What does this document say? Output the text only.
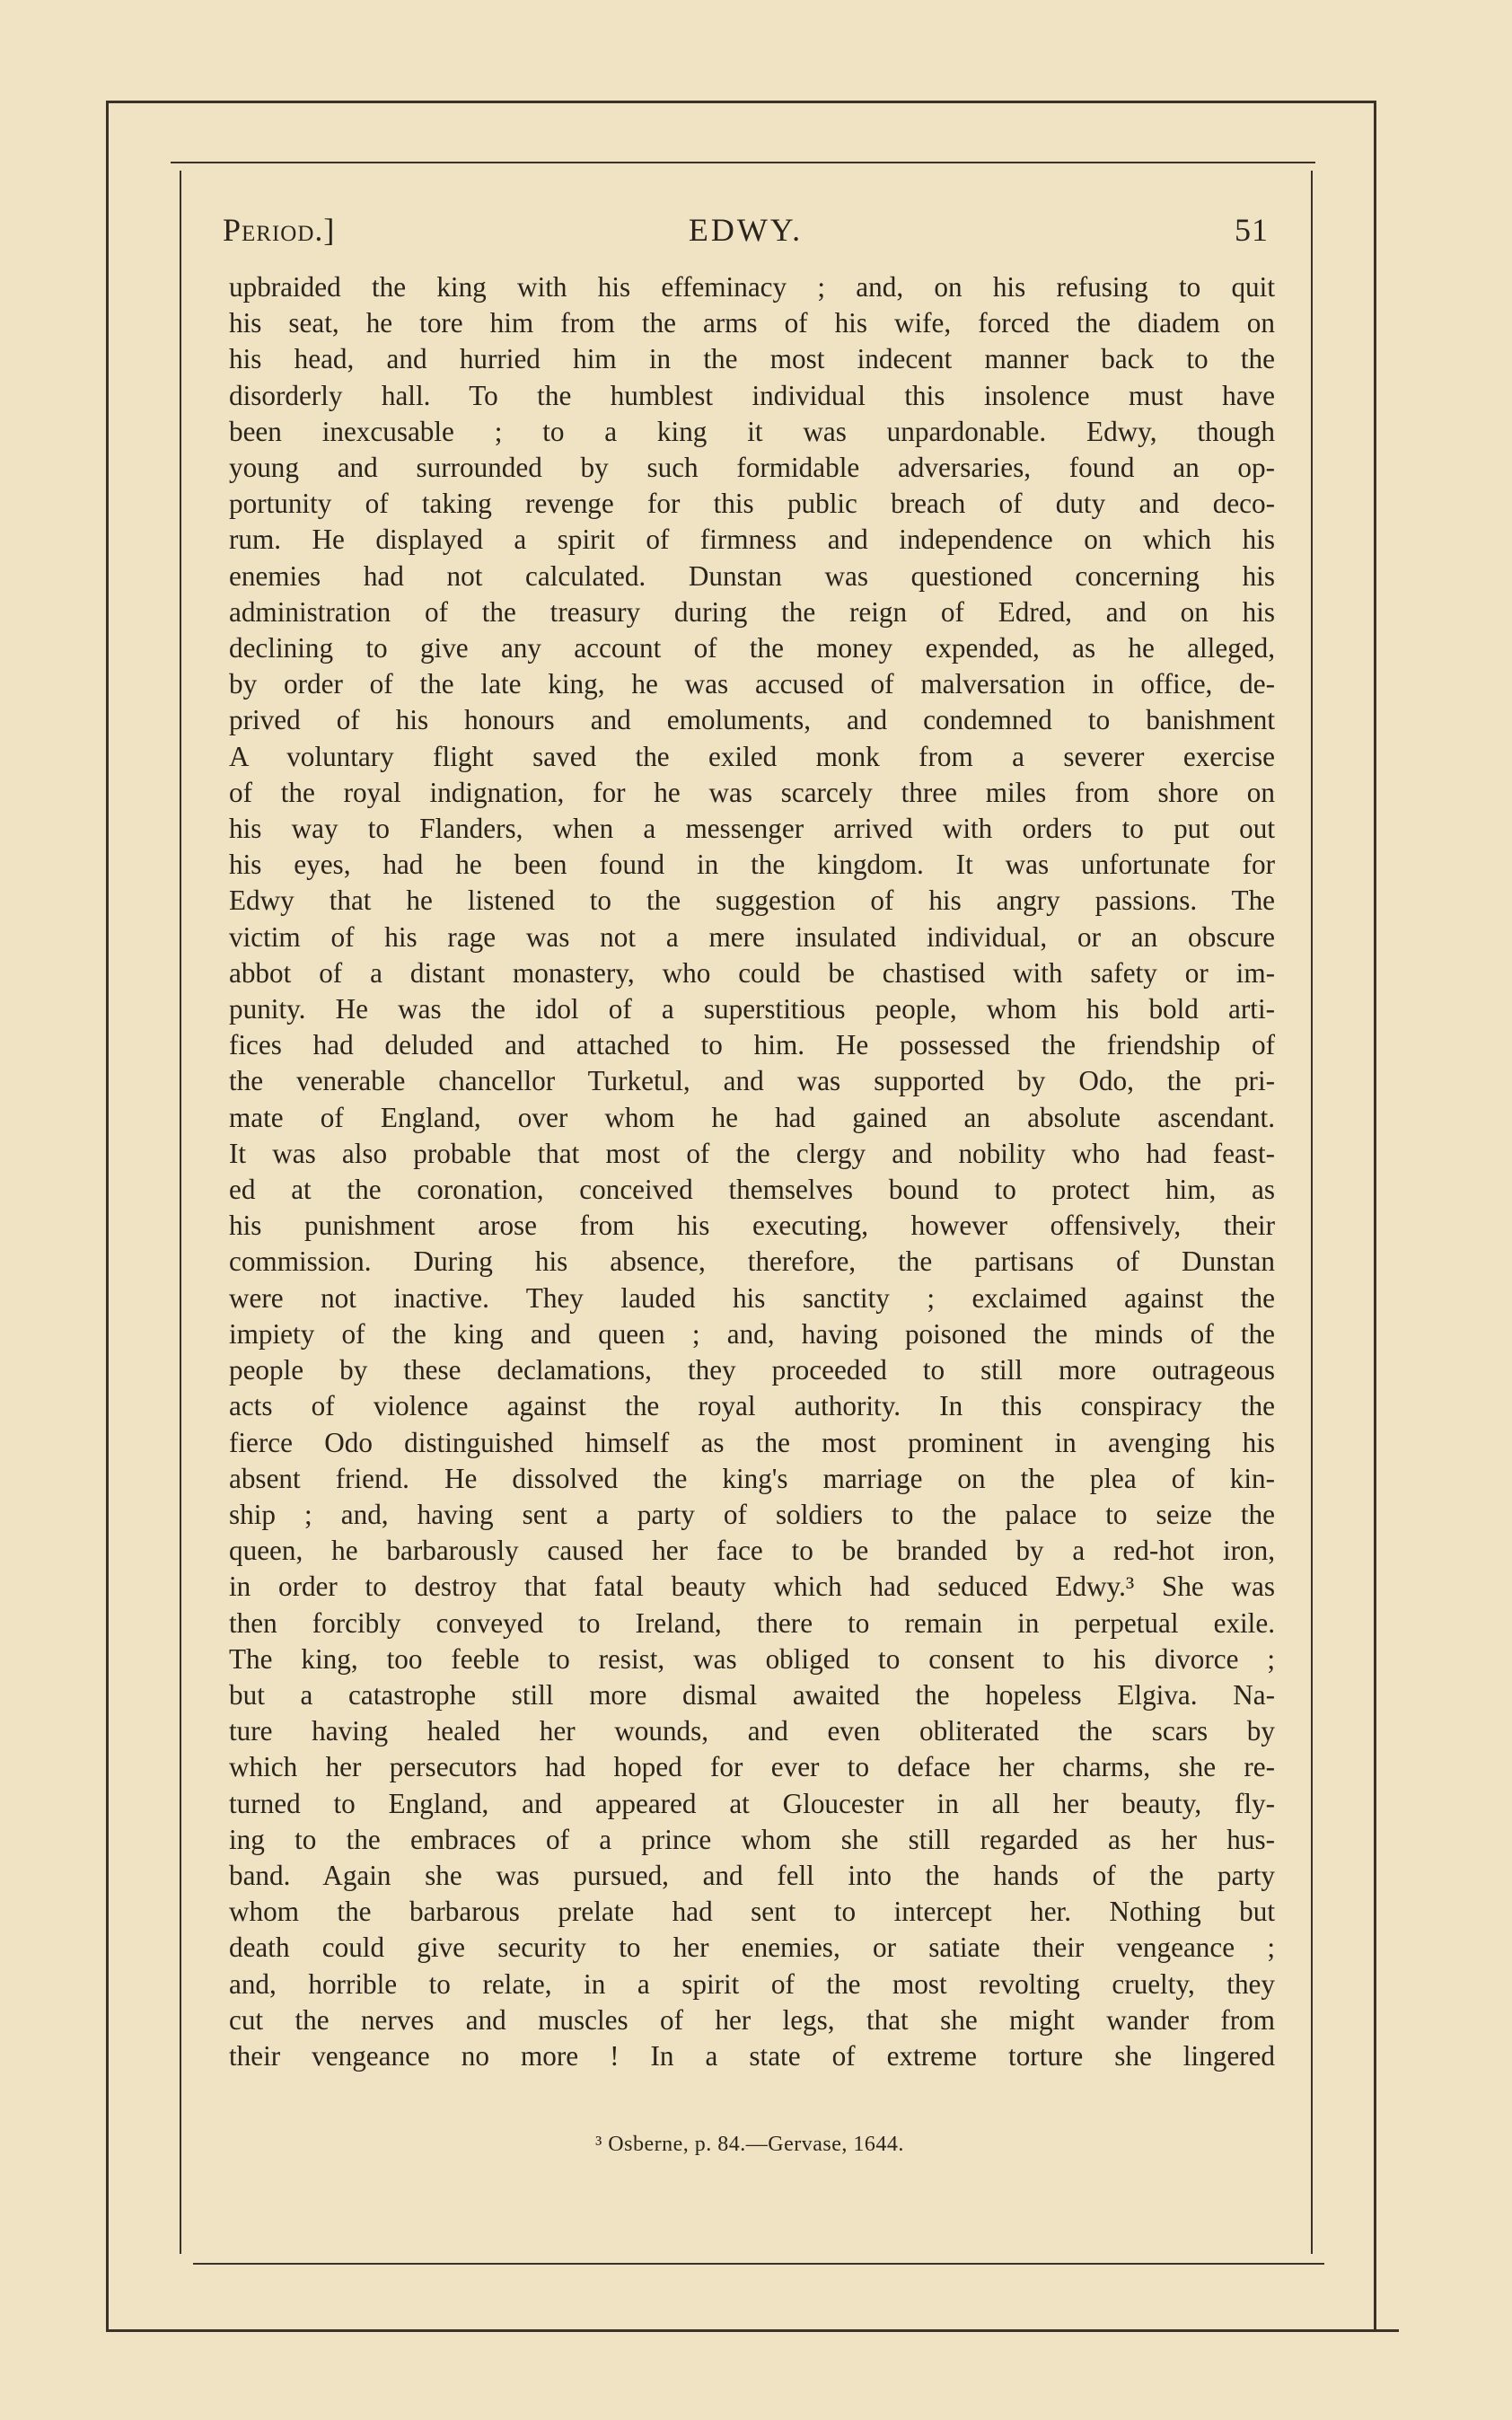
Period.]	EDWY.	51
upbraided the king with his effeminacy ; and, on his refusing to quit
his seat, he tore him from the arms of his wife, forced the diadem on
his head, and hurried him in the most indecent manner back to the
disorderly hall. To the humblest individual this insolence must have
been inexcusable ; to a king it was unpardonable. Edwy, though
young and surrounded by such formidable adversaries, found an op-
portunity of taking revenge for this public breach of duty and deco-
rum. He displayed a spirit of firmness and independence on which his
enemies had not calculated. Dunstan was questioned concerning his
administration of the treasury during the reign of Edred, and on his
declining to give any account of the money expended, as he alleged,
by order of the late king, he was accused of malversation in office, de-
prived of his honours and emoluments, and condemned to banishment
A voluntary flight saved the exiled monk from a severer exercise
of the royal indignation, for he was scarcely three miles from shore on
his way to Flanders, when a messenger arrived with orders to put out
his eyes, had he been found in the kingdom. It was unfortunate for
Edwy that he listened to the suggestion of his angry passions. The
victim of his rage was not a mere insulated individual, or an obscure
abbot of a distant monastery, who could be chastised with safety or im-
punity. He was the idol of a superstitious people, whom his bold arti-
fices had deluded and attached to him. He possessed the friendship of
the venerable chancellor Turketul, and was supported by Odo, the pri-
mate of England, over whom he had gained an absolute ascendant.
It was also probable that most of the clergy and nobility who had feast-
ed at the coronation, conceived themselves bound to protect him, as
his punishment arose from his executing, however offensively, their
commission. During his absence, therefore, the partisans of Dunstan
were not inactive. They lauded his sanctity ; exclaimed against the
impiety of the king and queen ; and, having poisoned the minds of the
people by these declamations, they proceeded to still more outrageous
acts of violence against the royal authority. In this conspiracy the
fierce Odo distinguished himself as the most prominent in avenging his
absent friend. He dissolved the king's marriage on the plea of kin-
ship ; and, having sent a party of soldiers to the palace to seize the
queen, he barbarously caused her face to be branded by a red-hot iron,
in order to destroy that fatal beauty which had seduced Edwy.³ She was
then forcibly conveyed to Ireland, there to remain in perpetual exile.
The king, too feeble to resist, was obliged to consent to his divorce ;
but a catastrophe still more dismal awaited the hopeless Elgiva. Na-
ture having healed her wounds, and even obliterated the scars by
which her persecutors had hoped for ever to deface her charms, she re-
turned to England, and appeared at Gloucester in all her beauty, fly-
ing to the embraces of a prince whom she still regarded as her hus-
band. Again she was pursued, and fell into the hands of the party
whom the barbarous prelate had sent to intercept her. Nothing but
death could give security to her enemies, or satiate their vengeance ;
and, horrible to relate, in a spirit of the most revolting cruelty, they
cut the nerves and muscles of her legs, that she might wander from
their vengeance no more ! In a state of extreme torture she lingered
³ Osberne, p. 84.—Gervase, 1644.
